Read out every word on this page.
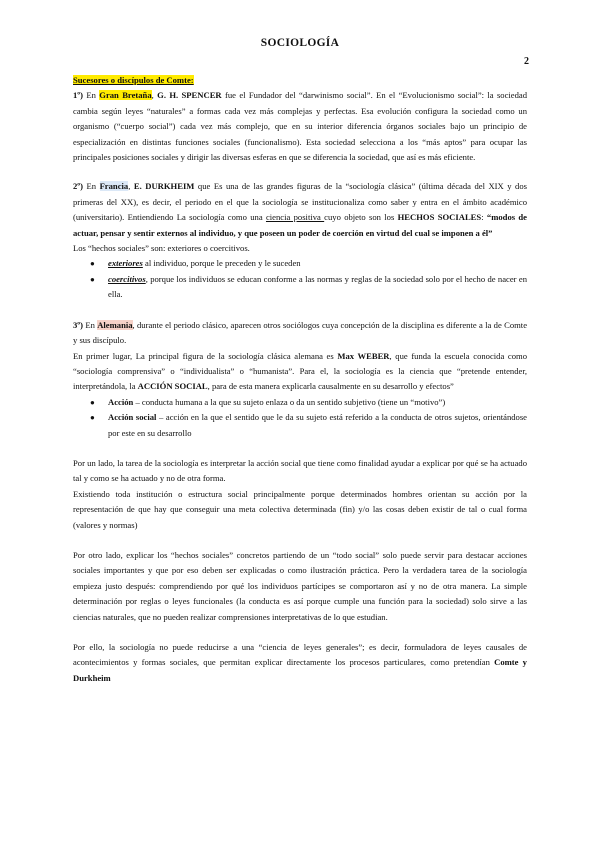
SOCIOLOGÍA
2

Sucesores o discípulos de Comte:

1º) En Gran Bretaña, G. H. SPENCER fue el Fundador del “darwinismo social”. En el “Evolucionismo social”: la sociedad cambia según leyes “naturales” a formas cada vez más complejas y perfectas. Esa evolución configura la sociedad como un organismo (“cuerpo social”) cada vez más complejo, que en su interior diferencia órganos sociales bajo un principio de especialización en distintas funciones sociales (funcionalismo). Esta sociedad selecciona a los “más aptos” para ocupar las principales posiciones sociales y dirigir las diversas esferas en que se diferencia la sociedad, que así es más eficiente.

2º) En Francia, E. DURKHEIM que Es una de las grandes figuras de la “sociología clásica” (última década del XIX y dos primeras del XX), es decir, el periodo en el que la sociología se institucionaliza como saber y entra en el ámbito académico (universitario). Entiendiendo La sociología como una ciencia positiva cuyo objeto son los HECHOS SOCIALES: “modos de actuar, pensar y sentir externos al individuo, y que poseen un poder de coerción en virtud del cual se imponen a él”

Los “hechos sociales” son: exteriores o coercitivos.

● exteriores al individuo, porque le preceden y le suceden
● coercitivos, porque los individuos se educan conforme a las normas y reglas de la sociedad solo por el hecho de nacer en ella.

3º) En Alemania, durante el periodo clásico, aparecen otros sociólogos cuya concepción de la disciplina es diferente a la de Comte y sus discípulo.

En primer lugar, La principal figura de la sociología clásica alemana es Max WEBER, que funda la escuela conocida como “sociología comprensiva” o “individualista” o “humanista”. Para el, la sociología es la ciencia que “pretende entender, interpretándola, la ACCIÓN SOCIAL, para de esta manera explicarla causalmente en su desarrollo y efectos”

● Acción – conducta humana a la que su sujeto enlaza o da un sentido subjetivo (tiene un “motivo”)
● Acción social – acción en la que el sentido que le da su sujeto está referido a la conducta de otros sujetos, orientándose por este en su desarrollo

Por un lado, la tarea de la sociología es interpretar la acción social que tiene como finalidad ayudar a explicar por qué se ha actuado tal y como se ha actuado y no de otra forma.

Existiendo toda institución o estructura social principalmente porque determinados hombres orientan su acción por la representación de que hay que conseguir una meta colectiva determinada (fin) y/o las cosas deben existir de tal o cual forma (valores y normas)

Por otro lado, explicar los “hechos sociales” concretos partiendo de un “todo social” solo puede servir para destacar acciones sociales importantes y que por eso deben ser explicadas o como ilustración práctica. Pero la verdadera tarea de la sociología empieza justo después: comprendiendo por qué los individuos partícipes se comportaron así y no de otra manera. La simple determinación por reglas o leyes funcionales (la conducta es así porque cumple una función para la sociedad) solo sirve a las ciencias naturales, que no pueden realizar comprensiones interpretativas de lo que estudian.

Por ello, la sociología no puede reducirse a una “ciencia de leyes generales”; es decir, formuladora de leyes causales de acontecimientos y formas sociales, que permitan explicar directamente los procesos particulares, como pretendían Comte y Durkheim
